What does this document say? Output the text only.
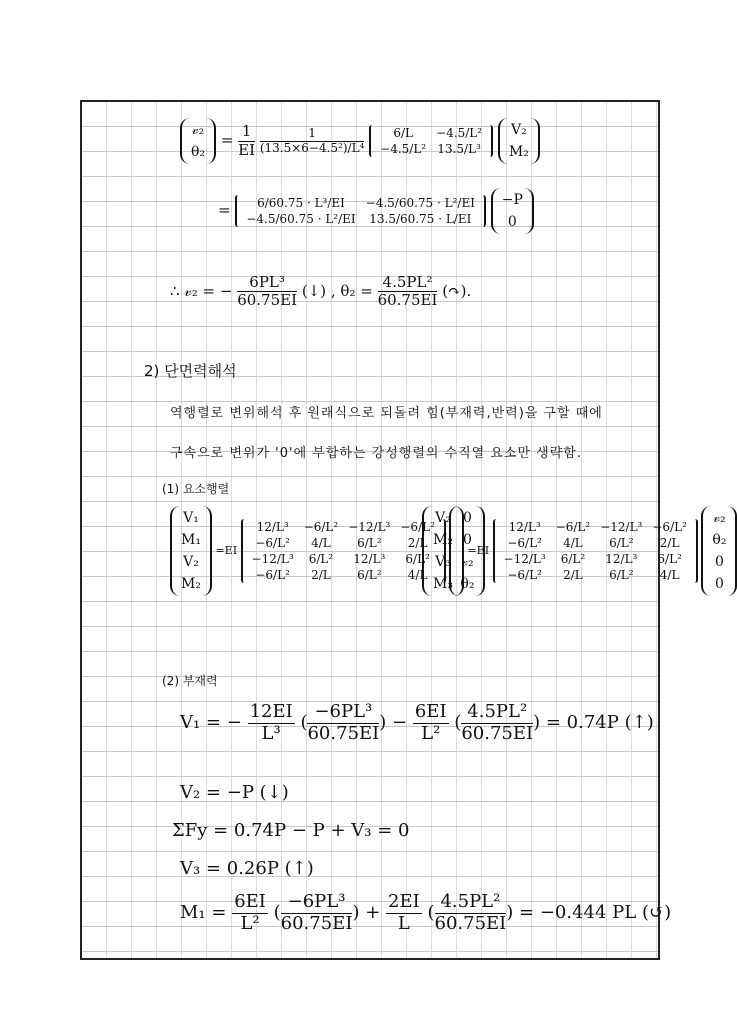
𝓋₂
θ₂
= $\frac{1}{EI}$
$\frac{1}{\text{(13.5×6−4.5²)/L⁴}}$
6/L	−4.5/L²
−4.5/L²	13.5/L³

V₂
M₂
= 6/60.75 · L³/EI	−4.5/60.75 · L²/EI
−4.5/60.75 · L²/EI	13.5/60.75 · L/EI

−P
0
∴ 𝓋₂ = − $\frac{\text{6PL³}}{60.75EI}$ (↓) , $\theta_2 = \frac{\text{4.5PL²}}{60.75EI}$ (↷).
2) 단면력해석
역행렬로 변위해석 후 원래식으로 되돌려 힘(부재력,반력)을 구할 때에
구속으로 변위가 '0'에 부합하는 강성행렬의 수직열 요소만 생략함.
(1) 요소행렬
V₁
M₁
V₂
M₂
=EI
12/L³	−6/L²	−12/L³	−6/L²
−6/L²	4/L	6/L²	2/L
−12/L³	6/L²	12/L³	6/L²
−6/L²	2/L	6/L²	4/L

0
0
𝓋₂
θ₂
V₂
M₂
V₃
M₃
=EI
12/L³	−6/L²	−12/L³	−6/L²
−6/L²	4/L	6/L²	2/L
−12/L³	6/L²	12/L³	6/L²
−6/L²	2/L	6/L²	4/L

𝓋₂
θ₂
0
0
(2) 부재력
V₁ = − $\frac{12EI}{\text{L³}}$ ( $\frac{\text{−6PL³}}{60.75EI}$ ) − $\frac{6EI}{\text{L²}}$ ( $\frac{\text{4.5PL²}}{60.75EI}$ ) = 0.74P (↑)
V₂ = −P (↓)
ΣFy = 0.74P − P + V₃ = 0
V₃ = 0.26P (↑)
$M_1 = \frac{6EI}{\text{L²}}$ ( $\frac{\text{−6PL³}}{60.75EI}$ ) + $\frac{2EI}{L}$ ( $\frac{\text{4.5PL²}}{60.75EI}$ ) = −0.444 PL (↺)
